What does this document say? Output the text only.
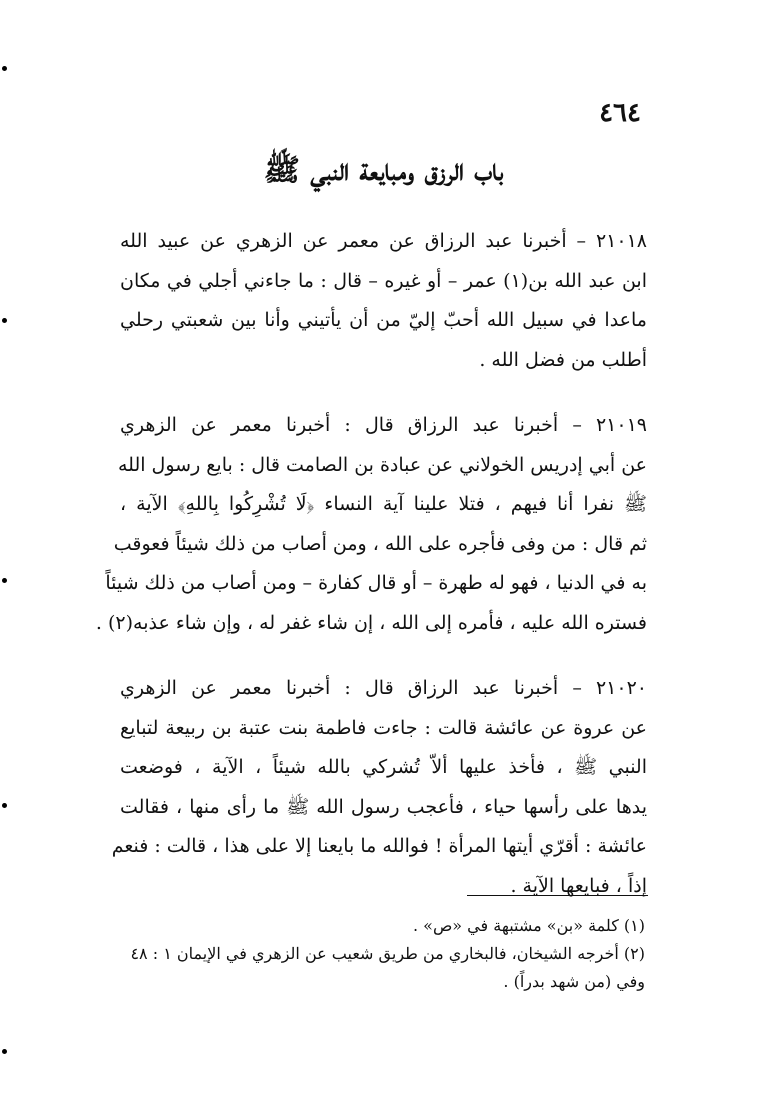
٤٦٤
باب الرزق ومبايعة النبي ﷺ
٢١٠١٨ – أخبرنا عبد الرزاق عن معمر عن الزهري عن عبيد الله
ابن عبد الله بن(١) عمر – أو غيره – قال : ما جاءني أجلي في مكان
ماعدا في سبيل الله أحبّ إليّ من أن يأتيني وأنا بين شعبتي رحلي
أطلب من فضل الله .
٢١٠١٩ – أخبرنا عبد الرزاق قال : أخبرنا معمر عن الزهري
عن أبي إدريس الخولاني عن عبادة بن الصامت قال : بايع رسول الله
ﷺ نفرا أنا فيهم ، فتلا علينا آية النساء ﴿لَا تُشْرِكُوا بِاللهِ﴾ الآية ،
ثم قال : من وفى فأجره على الله ، ومن أصاب من ذلك شيئاً فعوقب
به في الدنيا ، فهو له طهرة – أو قال كفارة – ومن أصاب من ذلك شيئاً
فستره الله عليه ، فأمره إلى الله ، إن شاء غفر له ، وإن شاء عذبه(٢) .
٢١٠٢٠ – أخبرنا عبد الرزاق قال : أخبرنا معمر عن الزهري
عن عروة عن عائشة قالت : جاءت فاطمة بنت عتبة بن ربيعة لتبايع
النبي ﷺ ، فأخذ عليها ألاّ تُشركي بالله شيئاً ، الآية ، فوضعت
يدها على رأسها حياء ، فأعجب رسول الله ﷺ ما رأى منها ، فقالت
عائشة : أقرّي أيتها المرأة ! فوالله ما بايعنا إلا على هذا ، قالت : فنعم
إذاً ، فبايعها الآية .
(١) كلمة «بن» مشتبهة في «ص» .
(٢) أخرجه الشيخان، فالبخاري من طريق شعيب عن الزهري في الإيمان ١ : ٤٨
وفي (من شهد بدراً) .
